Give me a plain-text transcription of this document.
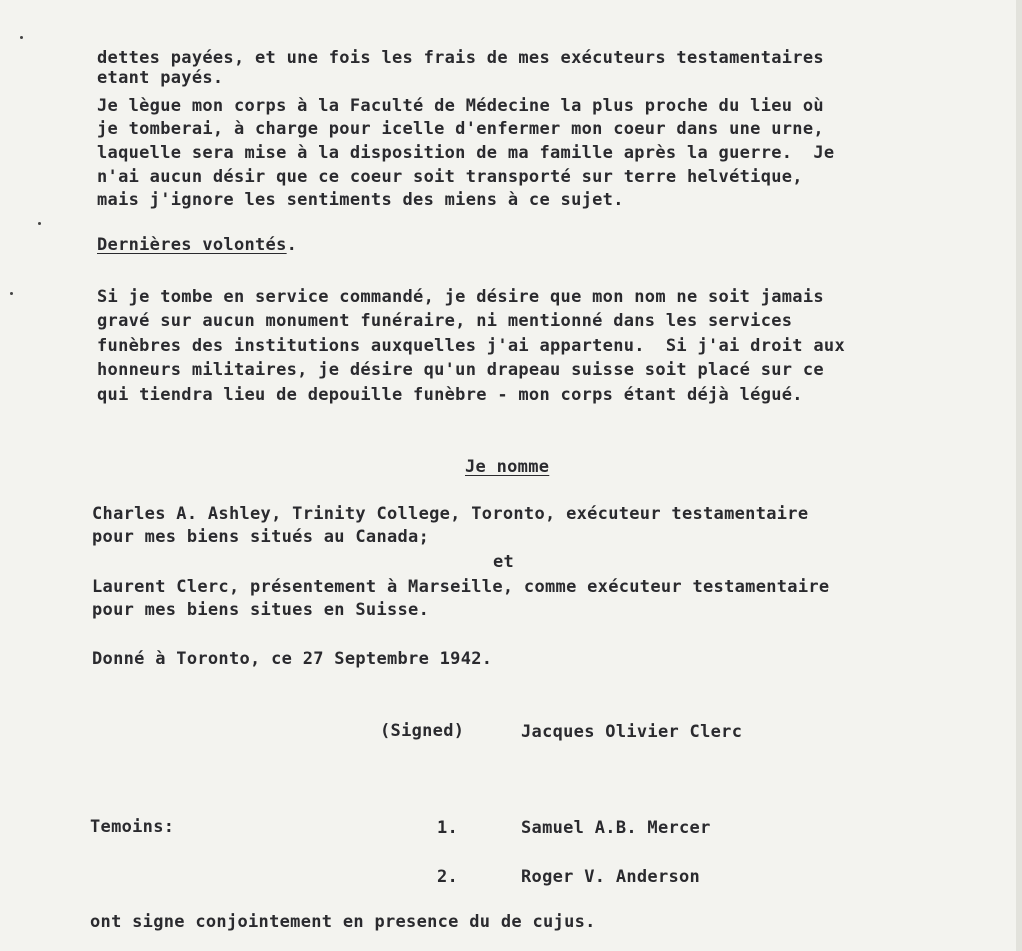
dettes payées, et une fois les frais de mes exécuteurs testamentaires
etant payés.
Je lègue mon corps à la Faculté de Médecine la plus proche du lieu où
je tomberai, à charge pour icelle d'enfermer mon coeur dans une urne,
laquelle sera mise à la disposition de ma famille après la guerre.  Je
n'ai aucun désir que ce coeur soit transporté sur terre helvétique,
mais j'ignore les sentiments des miens à ce sujet.
Dernières volontés.
Si je tombe en service commandé, je désire que mon nom ne soit jamais
gravé sur aucun monument funéraire, ni mentionné dans les services
funèbres des institutions auxquelles j'ai appartenu.  Si j'ai droit aux
honneurs militaires, je désire qu'un drapeau suisse soit placé sur ce
qui tiendra lieu de depouille funèbre - mon corps étant déjà légué.
Je nomme
Charles A. Ashley, Trinity College, Toronto, exécuteur testamentaire
pour mes biens situés au Canada;
et
Laurent Clerc, présentement à Marseille, comme exécuteur testamentaire
pour mes biens situes en Suisse.
Donné à Toronto, ce 27 Septembre 1942.
(Signed)	Jacques Olivier Clerc
Temoins:	1.	Samuel A.B. Mercer
2.	Roger V. Anderson
ont signe conjointement en presence du de cujus.
